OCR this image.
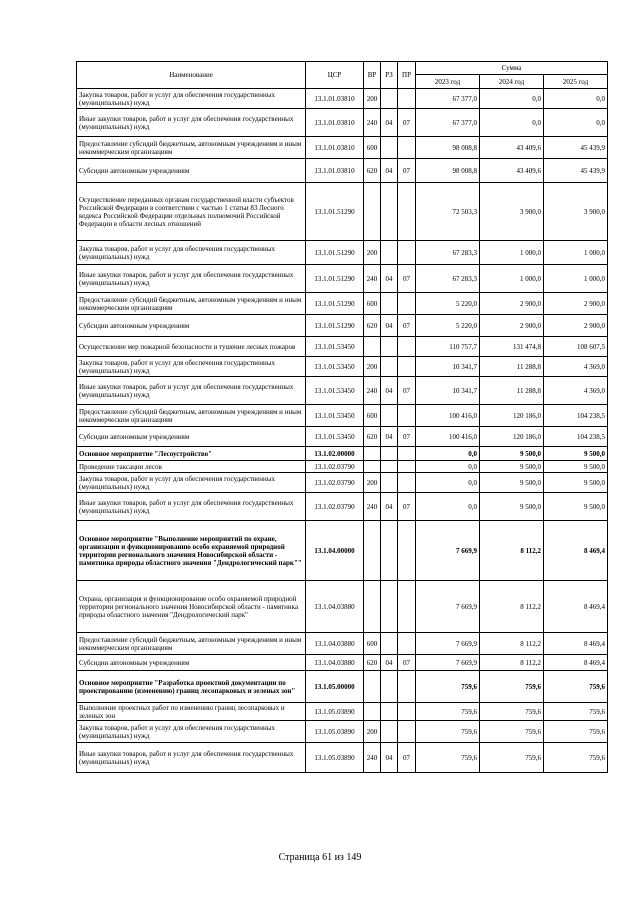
Наименование	ЦСР	ВР	РЗ	ПР	Сумма		
					2023 год	2024 год	2025 год
Закупка товаров, работ и услуг для обеспечения государственных (муниципальных) нужд	13.1.01.03810	200			67 377,0	0,0	0,0
Иные закупки товаров, работ и услуг для обеспечения государственных (муниципальных) нужд	13.1.01.03810	240	04	07	67 377,0	0,0	0,0
Предоставление субсидий бюджетным, автономным учреждениям и иным некоммерческим организациям	13.1.01.03810	600			98 008,8	43 409,6	45 439,9
Субсидии автономным учреждениям	13.1.01.03810	620	04	07	98 008,8	43 409,6	45 439,9
Осуществление переданных органам государственной власти субъектов Российской Федерации в соответствии с частью 1 статьи 83 Лесного кодекса Российской Федерации отдельных полномочий Российской Федерации в области лесных отношений	13.1.01.51290				72 503,3	3 900,0	3 900,0
Закупка товаров, работ и услуг для обеспечения государственных (муниципальных) нужд	13.1.01.51290	200			67 283,3	1 000,0	1 000,0
Иные закупки товаров, работ и услуг для обеспечения государственных (муниципальных) нужд	13.1.01.51290	240	04	07	67 283,3	1 000,0	1 000,0
Предоставление субсидий бюджетным, автономным учреждениям и иным некоммерческим организациям	13.1.01.51290	600			5 220,0	2 900,0	2 900,0
Субсидии автономным учреждениям	13.1.01.51290	620	04	07	5 220,0	2 900,0	2 900,0
Осуществление мер пожарной безопасности и тушение лесных пожаров	13.1.01.53450				110 757,7	131 474,8	108 607,5
Закупка товаров, работ и услуг для обеспечения государственных (муниципальных) нужд	13.1.01.53450	200			10 341,7	11 288,8	4 369,0
Иные закупки товаров, работ и услуг для обеспечения государственных (муниципальных) нужд	13.1.01.53450	240	04	07	10 341,7	11 288,8	4 369,0
Предоставление субсидий бюджетным, автономным учреждениям и иным некоммерческим организациям	13.1.01.53450	600			100 416,0	120 186,0	104 238,5
Субсидии автономным учреждениям	13.1.01.53450	620	04	07	100 416,0	120 186,0	104 238,5
Основное мероприятие "Лесоустройство"	13.1.02.00000				0,0	9 500,0	9 500,0
Проведение таксации лесов	13.1.02.03790				0,0	9 500,0	9 500,0
Закупка товаров, работ и услуг для обеспечения государственных (муниципальных) нужд	13.1.02.03790	200			0,0	9 500,0	9 500,0
Иные закупки товаров, работ и услуг для обеспечения государственных (муниципальных) нужд	13.1.02.03790	240	04	07	0,0	9 500,0	9 500,0
Основное мероприятие "Выполнение мероприятий по охране, организации и функционированию особо охраняемой природной территории регионального значения Новосибирской области - памятника природы областного значения "Дендрологический парк""	13.1.04.00000				7 669,9	8 112,2	8 469,4
Охрана, организация и функционирование особо охраняемой природной территории регионального значения Новосибирской области - памятника природы областного значения "Дендрологический парк"	13.1.04.03880				7 669,9	8 112,2	8 469,4
Предоставление субсидий бюджетным, автономным учреждениям и иным некоммерческим организациям	13.1.04.03880	600			7 669,9	8 112,2	8 469,4
Субсидии автономным учреждениям	13.1.04.03880	620	04	07	7 669,9	8 112,2	8 469,4
Основное мероприятие "Разработка проектной документации по проектированию (изменению) границ лесопарковых и зеленых зон"	13.1.05.00000				759,6	759,6	759,6
Выполнение проектных работ по изменению границ лесопарковых и зеленых зон	13.1.05.03890				759,6	759,6	759,6
Закупка товаров, работ и услуг для обеспечения государственных (муниципальных) нужд	13.1.05.03890	200			759,6	759,6	759,6
Иные закупки товаров, работ и услуг для обеспечения государственных (муниципальных) нужд	13.1.05.03890	240	04	07	759,6	759,6	759,6
Страница 61 из 149
